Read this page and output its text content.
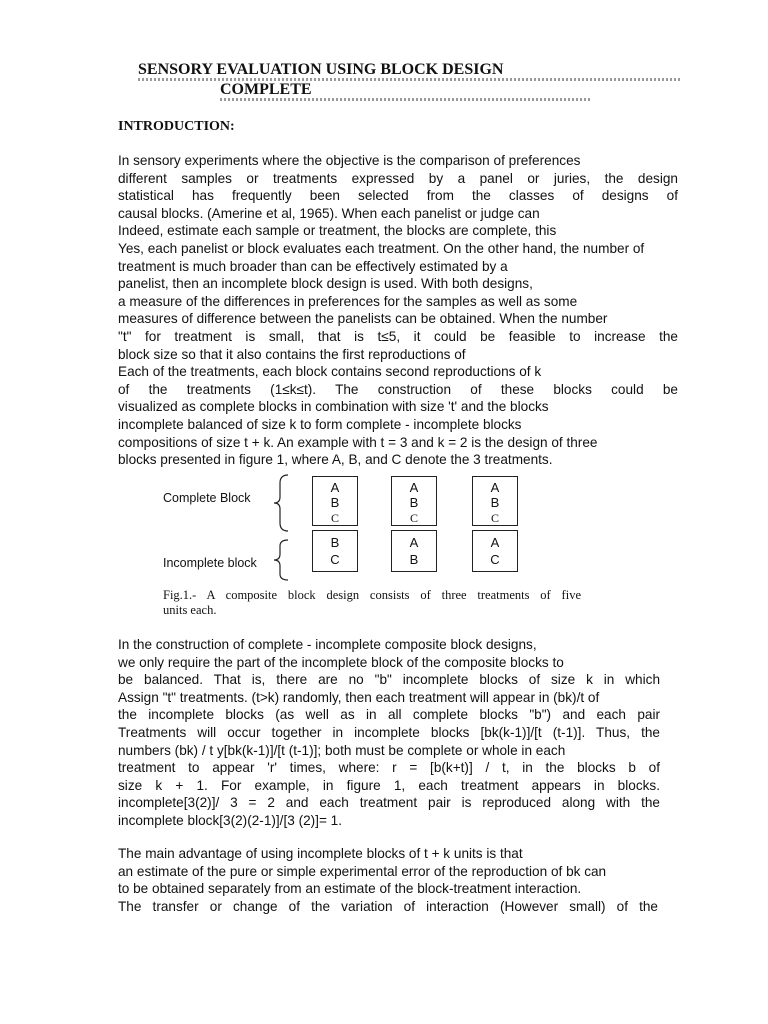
SENSORY EVALUATION USING BLOCK DESIGN
COMPLETE
INTRODUCTION:
In sensory experiments where the objective is the comparison of preferences
different samples or treatments expressed by a panel or juries, the design
statistical has frequently been selected from the classes of designs of
causal blocks. (Amerine et al, 1965). When each panelist or judge can
Indeed, estimate each sample or treatment, the blocks are complete, this
Yes, each panelist or block evaluates each treatment. On the other hand, the number of
treatment is much broader than can be effectively estimated by a
panelist, then an incomplete block design is used. With both designs,
a measure of the differences in preferences for the samples as well as some
measures of difference between the panelists can be obtained. When the number
"t" for treatment is small, that is t≤5, it could be feasible to increase the
block size so that it also contains the first reproductions of
Each of the treatments, each block contains second reproductions of k
of the treatments (1≤k≤t). The construction of these blocks could be
visualized as complete blocks in combination with size 't' and the blocks
incomplete balanced of size k to form complete - incomplete blocks
compositions of size t + k. An example with t = 3 and k = 2 is the design of three
blocks presented in figure 1, where A, B, and C denote the 3 treatments.
Complete Block
Incomplete block
A
B
C
B
C
A
B
C
A
B
A
B
C
A
C
Fig.1.- A composite block design consists of three treatments of five
units each.
In the construction of complete - incomplete composite block designs,
we only require the part of the incomplete block of the composite blocks to
be balanced. That is, there are no "b" incomplete blocks of size k in which
Assign "t" treatments. (t>k) randomly, then each treatment will appear in (bk)/t of
the incomplete blocks (as well as in all complete blocks "b") and each pair
Treatments will occur together in incomplete blocks [bk(k-1)]/[t (t-1)]. Thus, the
numbers (bk) / t y[bk(k-1)]/[t (t-1)]; both must be complete or whole in each
treatment to appear 'r' times, where: r = [b(k+t)] / t, in the blocks b of
size k + 1. For example, in figure 1, each treatment appears in blocks.
incomplete[3(2)]/ 3 = 2 and each treatment pair is reproduced along with the
incomplete block[3(2)(2-1)]/[3 (2)]= 1.
The main advantage of using incomplete blocks of t + k units is that
an estimate of the pure or simple experimental error of the reproduction of bk can
to be obtained separately from an estimate of the block-treatment interaction.
The transfer or change of the variation of interaction (However small) of the
